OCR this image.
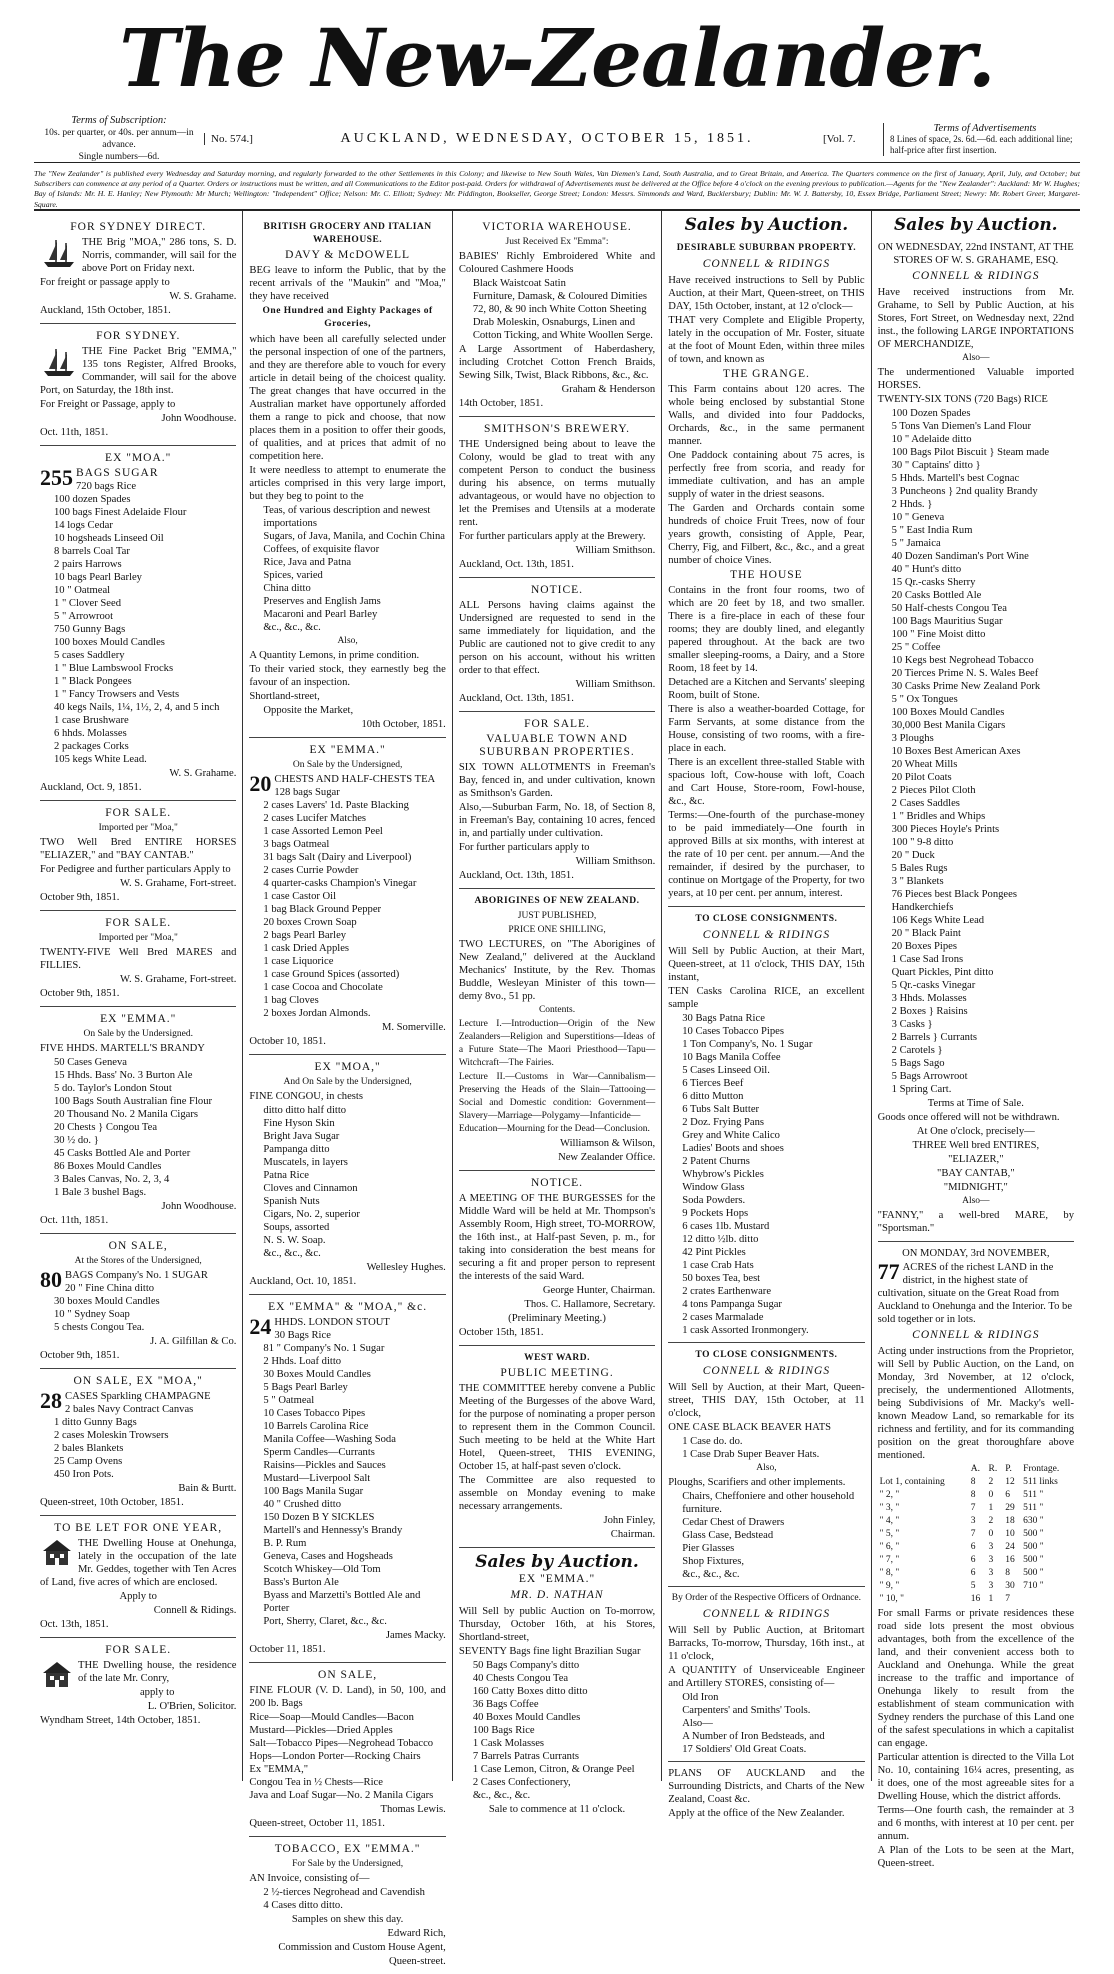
The New-Zealander.
Terms of Subscription:
10s. per quarter, or 40s. per annum—in advance.
Single numbers—6d.
No. 574.]	AUCKLAND, WEDNESDAY, OCTOBER 15, 1851.	[Vol. 7.
Terms of Advertisements
8 Lines of space, 2s. 6d.—6d. each additional line;
half-price after first insertion.
The "New Zealander" is published every Wednesday and Saturday morning, and regularly forwarded to the other Settlements in this Colony; and likewise to New South Wales, Van Diemen's Land, South Australia, and to Great Britain, and America. The Quarters commence on the first of January, April, July, and October; but Subscribers can commence at any period of a Quarter. Orders or instructions must be written, and all Communications to the Editor post-paid. Orders for withdrawal of Advertisements must be delivered at the Office before 4 o'clock on the evening previous to publication.—Agents for the "New Zealander": Auckland: Mr W. Hughes; Bay of Islands: Mr. H. E. Hanley; New Plymouth: Mr Murch; Wellington: "Independent" Office; Nelson: Mr. C. Elliott; Sydney: Mr. Piddington, Bookseller, George Street; London: Messrs. Simmonds and Ward, Bucklersbury; Dublin: Mr. W. J. Battersby, 10, Essex Bridge, Parliament Street; Newry: Mr. Robert Greer, Margaret-Square.
FOR SYDNEY DIRECT.

THE Brig "MOA," 286 tons, S. D. Norris, commander, will sail for the above Port on Friday next.

For freight or passage apply to

W. S. Grahame.

Auckland, 15th October, 1851.

FOR SYDNEY.

THE Fine Packet Brig "EMMA," 135 tons Register, Alfred Brooks, Commander, will sail for the above Port, on Saturday, the 18th inst.

For Freight or Passage, apply to

John Woodhouse.

Oct. 11th, 1851.

EX "MOA."
255 BAGS SUGAR
720 bags Rice
100 dozen Spades
100 bags Finest Adelaide Flour
14 logs Cedar
10 hogsheads Linseed Oil
8 barrels Coal Tar
2 pairs Harrows
10 bags Pearl Barley
10 " Oatmeal
1 " Clover Seed
5 " Arrowroot
750 Gunny Bags
100 boxes Mould Candles
5 cases Saddlery
1 " Blue Lambswool Frocks
1 " Black Pongees
1 " Fancy Trowsers and Vests
40 kegs Nails, 1¼, 1½, 2, 4, and 5 inch
1 case Brushware
6 hhds. Molasses
2 packages Corks
105 kegs White Lead.

W. S. Grahame.

Auckland, Oct. 9, 1851.

FOR SALE.

Imported per "Moa,"

TWO Well Bred ENTIRE HORSES "ELIAZER," and "BAY CANTAB."

For Pedigree and further particulars Apply to

W. S. Grahame, Fort-street.

October 9th, 1851.

FOR SALE.

Imported per "Moa,"

TWENTY-FIVE Well Bred MARES and FILLIES.

W. S. Grahame, Fort-street.

October 9th, 1851.

EX "EMMA."

On Sale by the Undersigned.

FIVE HHDS. MARTELL'S BRANDY

50 Cases Geneva
15 Hhds. Bass' No. 3 Burton Ale
5 do. Taylor's London Stout
100 Bags South Australian fine Flour
20 Thousand No. 2 Manila Cigars
20 Chests } Congou Tea
30 ½ do. }
45 Casks Bottled Ale and Porter
86 Boxes Mould Candles
3 Bales Canvas, No. 2, 3, 4
1 Bale 3 bushel Bags.

John Woodhouse.

Oct. 11th, 1851.

ON SALE,

At the Stores of the Undersigned,

80 BAGS Company's No. 1 SUGAR
20 " Fine China ditto
30 boxes Mould Candles
10 " Sydney Soap
5 chests Congou Tea.

J. A. Gilfillan & Co.

October 9th, 1851.

ON SALE, EX "MOA,"
28 CASES Sparkling CHAMPAGNE
2 bales Navy Contract Canvas
1 ditto Gunny Bags
2 cases Moleskin Trowsers
2 bales Blankets
25 Camp Ovens
450 Iron Pots.

Bain & Burtt.

Queen-street, 10th October, 1851.

TO BE LET FOR ONE YEAR,

THE Dwelling House at Onehunga, lately in the occupation of the late Mr. Geddes, together with Ten Acres of Land, five acres of which are enclosed.

Apply to

Connell & Ridings.

Oct. 13th, 1851.

FOR SALE.

THE Dwelling house, the residence of the late Mr. Conry,

apply to

L. O'Brien, Solicitor.

Wyndham Street, 14th October, 1851.

BRITISH GROCERY AND ITALIAN WAREHOUSE.
DAVY & McDOWELL

BEG leave to inform the Public, that by the recent arrivals of the "Maukin" and "Moa," they have received

One Hundred and Eighty Packages of Groceries,

which have been all carefully selected under the personal inspection of one of the partners, and they are therefore able to vouch for every article in detail being of the choicest quality. The great changes that have occurred in the Australian market have opportunely afforded them a range to pick and choose, that now places them in a position to offer their goods, of qualities, and at prices that admit of no competition here.

It were needless to attempt to enumerate the articles comprised in this very large import, but they beg to point to the

Teas, of various description and newest importations
Sugars, of Java, Manila, and Cochin China
Coffees, of exquisite flavor
Rice, Java and Patna
Spices, varied
China ditto
Preserves and English Jams
Macaroni and Pearl Barley
&c., &c., &c.

Also,

A Quantity Lemons, in prime condition.

To their varied stock, they earnestly beg the favour of an inspection.

Shortland-street,

Opposite the Market,

10th October, 1851.

EX "EMMA."

On Sale by the Undersigned,

20 CHESTS AND HALF-CHESTS TEA
128 bags Sugar
2 cases Lavers' 1d. Paste Blacking
2 cases Lucifer Matches
1 case Assorted Lemon Peel
3 bags Oatmeal
31 bags Salt (Dairy and Liverpool)
2 cases Currie Powder
4 quarter-casks Champion's Vinegar
1 case Castor Oil
1 bag Black Ground Pepper
20 boxes Crown Soap
2 bags Pearl Barley
1 cask Dried Apples
1 case Liquorice
1 case Ground Spices (assorted)
1 case Cocoa and Chocolate
1 bag Cloves
2 boxes Jordan Almonds.

M. Somerville.

October 10, 1851.

EX "MOA,"

And On Sale by the Undersigned,

FINE CONGOU, in chests

ditto ditto half ditto
Fine Hyson Skin
Bright Java Sugar
Pampanga ditto
Muscatels, in layers
Patna Rice
Cloves and Cinnamon
Spanish Nuts
Cigars, No. 2, superior
Soups, assorted
N. S. W. Soap.
&c., &c., &c.

Wellesley Hughes.

Auckland, Oct. 10, 1851.

EX "EMMA" & "MOA," &c.
24 HHDS. LONDON STOUT
30 Bags Rice
81 " Company's No. 1 Sugar
2 Hhds. Loaf ditto
30 Boxes Mould Candles
5 Bags Pearl Barley
5 " Oatmeal
10 Cases Tobacco Pipes
10 Barrels Carolina Rice
Manila Coffee—Washing Soda
Sperm Candles—Currants
Raisins—Pickles and Sauces
Mustard—Liverpool Salt
100 Bags Manila Sugar
40 " Crushed ditto
150 Dozen B Y SICKLES
Martell's and Hennessy's Brandy
B. P. Rum
Geneva, Cases and Hogsheads
Scotch Whiskey—Old Tom
Bass's Burton Ale
Byass and Marzetti's Bottled Ale and Porter
Port, Sherry, Claret, &c., &c.

James Macky.

October 11, 1851.

ON SALE,

FINE FLOUR (V. D. Land), in 50, 100, and 200 lb. Bags

Rice—Soap—Mould Candles—Bacon
Mustard—Pickles—Dried Apples
Salt—Tobacco Pipes—Negrohead Tobacco
Hops—London Porter—Rocking Chairs
Ex "EMMA,"
Congou Tea in ½ Chests—Rice
Java and Loaf Sugar—No. 2 Manila Cigars

Thomas Lewis.

Queen-street, October 11, 1851.

TOBACCO, EX "EMMA."

For Sale by the Undersigned,

AN Invoice, consisting of—

2 ½-tierces Negrohead and Cavendish
4 Cases ditto ditto.

Samples on shew this day.

Edward Rich,

Commission and Custom House Agent,

Queen-street.

VICTORIA WAREHOUSE.

Just Received Ex "Emma":

BABIES' Richly Embroidered White and Coloured Cashmere Hoods

Black Waistcoat Satin
Furniture, Damask, & Coloured Dimities
72, 80, & 90 inch White Cotton Sheeting
Drab Moleskin, Osnaburgs, Linen and Cotton Ticking, and White Woollen Serge.

A Large Assortment of Haberdashery, including Crotchet Cotton French Braids, Sewing Silk, Twist, Black Ribbons, &c., &c.

Graham & Henderson

14th October, 1851.

SMITHSON'S BREWERY.

THE Undersigned being about to leave the Colony, would be glad to treat with any competent Person to conduct the business during his absence, on terms mutually advantageous, or would have no objection to let the Premises and Utensils at a moderate rent.

For further particulars apply at the Brewery.

William Smithson.

Auckland, Oct. 13th, 1851.

NOTICE.

ALL Persons having claims against the Undersigned are requested to send in the same immediately for liquidation, and the Public are cautioned not to give credit to any person on his account, without his written order to that effect.

William Smithson.

Auckland, Oct. 13th, 1851.

FOR SALE.
VALUABLE TOWN AND SUBURBAN PROPERTIES.

SIX TOWN ALLOTMENTS in Freeman's Bay, fenced in, and under cultivation, known as Smithson's Garden.

Also,—Suburban Farm, No. 18, of Section 8, in Freeman's Bay, containing 10 acres, fenced in, and partially under cultivation.

For further particulars apply to

William Smithson.

Auckland, Oct. 13th, 1851.

ABORIGINES OF NEW ZEALAND.

JUST PUBLISHED,

PRICE ONE SHILLING,

TWO LECTURES, on "The Aborigines of New Zealand," delivered at the Auckland Mechanics' Institute, by the Rev. Thomas Buddle, Wesleyan Minister of this town—demy 8vo., 51 pp.

Contents.

Lecture I.—Introduction—Origin of the New Zealanders—Religion and Superstitions—Ideas of a Future State—The Maori Priesthood—Tapu—Witchcraft—The Fairies.

Lecture II.—Customs in War—Cannibalism—Preserving the Heads of the Slain—Tattooing—Social and Domestic condition: Government—Slavery—Marriage—Polygamy—Infanticide—Education—Mourning for the Dead—Conclusion.

Williamson & Wilson,

New Zealander Office.

NOTICE.

A MEETING OF THE BURGESSES for the Middle Ward will be held at Mr. Thompson's Assembly Room, High street, TO-MORROW, the 16th inst., at Half-past Seven, p. m., for taking into consideration the best means for securing a fit and proper person to represent the interests of the said Ward.

George Hunter, Chairman.

Thos. C. Hallamore, Secretary.

(Preliminary Meeting.)

October 15th, 1851.

WEST WARD.
PUBLIC MEETING.

THE COMMITTEE hereby convene a Public Meeting of the Burgesses of the above Ward, for the purpose of nominating a proper person to represent them in the Common Council. Such meeting to be held at the White Hart Hotel, Queen-street, THIS EVENING, October 15, at half-past seven o'clock.

The Committee are also requested to assemble on Monday evening to make necessary arrangements.

John Finley,

Chairman.

Sales by Auction.
EX "EMMA."
MR. D. NATHAN

Will Sell by public Auction on To-morrow, Thursday, October 16th, at his Stores, Shortland-street,

SEVENTY Bags fine light Brazilian Sugar

50 Bags Company's ditto
40 Chests Congou Tea
160 Catty Boxes ditto ditto
36 Bags Coffee
40 Boxes Mould Candles
100 Bags Rice
1 Cask Molasses
7 Barrels Patras Currants
1 Case Lemon, Citron, & Orange Peel
2 Cases Confectionery,
&c., &c., &c.

Sale to commence at 11 o'clock.

Sales by Auction.
DESIRABLE SUBURBAN PROPERTY.
CONNELL & RIDINGS

Have received instructions to Sell by Public Auction, at their Mart, Queen-street, on THIS DAY, 15th October, instant, at 12 o'clock—

THAT very Complete and Eligible Property, lately in the occupation of Mr. Foster, situate at the foot of Mount Eden, within three miles of town, and known as

THE GRANGE.

This Farm contains about 120 acres. The whole being enclosed by substantial Stone Walls, and divided into four Paddocks, Orchards, &c., in the same permanent manner.

One Paddock containing about 75 acres, is perfectly free from scoria, and ready for immediate cultivation, and has an ample supply of water in the driest seasons.

The Garden and Orchards contain some hundreds of choice Fruit Trees, now of four years growth, consisting of Apple, Pear, Cherry, Fig, and Filbert, &c., &c., and a great number of choice Vines.

THE HOUSE

Contains in the front four rooms, two of which are 20 feet by 18, and two smaller. There is a fire-place in each of these four rooms; they are doubly lined, and elegantly papered throughout. At the back are two smaller sleeping-rooms, a Dairy, and a Store Room, 18 feet by 14.

Detached are a Kitchen and Servants' sleeping Room, built of Stone.

There is also a weather-boarded Cottage, for Farm Servants, at some distance from the House, consisting of two rooms, with a fire-place in each.

There is an excellent three-stalled Stable with spacious loft, Cow-house with loft, Coach and Cart House, Store-room, Fowl-house, &c., &c.

Terms:—One-fourth of the purchase-money to be paid immediately—One fourth in approved Bills at six months, with interest at the rate of 10 per cent. per annum.—And the remainder, if desired by the purchaser, to continue on Mortgage of the Property, for two years, at 10 per cent. per annum, interest.

TO CLOSE CONSIGNMENTS.
CONNELL & RIDINGS

Will Sell by Public Auction, at their Mart, Queen-street, at 11 o'clock, THIS DAY, 15th instant,

TEN Casks Carolina RICE, an excellent sample

30 Bags Patna Rice
10 Cases Tobacco Pipes
1 Ton Company's, No. 1 Sugar
10 Bags Manila Coffee
5 Cases Linseed Oil.
6 Tierces Beef
6 ditto Mutton
6 Tubs Salt Butter
2 Doz. Frying Pans
Grey and White Calico
Ladies' Boots and shoes
2 Patent Churns
Whybrow's Pickles
Window Glass
Soda Powders.
9 Pockets Hops
6 cases 1lb. Mustard
12 ditto ½lb. ditto
42 Pint Pickles
1 case Crab Hats
50 boxes Tea, best
2 crates Earthenware
4 tons Pampanga Sugar
2 cases Marmalade
1 cask Assorted Ironmongery.
TO CLOSE CONSIGNMENTS.
CONNELL & RIDINGS

Will Sell by Auction, at their Mart, Queen-street, THIS DAY, 15th October, at 11 o'clock,

ONE CASE BLACK BEAVER HATS

1 Case do. do.
1 Case Drab Super Beaver Hats.

Also,

Ploughs, Scarifiers and other implements.

Chairs, Cheffoniere and other household furniture.
Cedar Chest of Drawers
Glass Case, Bedstead
Pier Glasses
Shop Fixtures,
&c., &c., &c.

By Order of the Respective Officers of Ordnance.

CONNELL & RIDINGS

Will Sell by Public Auction, at Britomart Barracks, To-morrow, Thursday, 16th inst., at 11 o'clock,

A QUANTITY of Unserviceable Engineer and Artillery STORES, consisting of—

Old Iron
Carpenters' and Smiths' Tools.
Also—
A Number of Iron Bedsteads, and
17 Soldiers' Old Great Coats.

PLANS OF AUCKLAND and the Surrounding Districts, and Charts of the New Zealand, Coast &c.

Apply at the office of the New Zealander.

Sales by Auction.

ON WEDNESDAY, 22nd INSTANT, AT THE STORES OF W. S. GRAHAME, ESQ.

CONNELL & RIDINGS

Have received instructions from Mr. Grahame, to Sell by Public Auction, at his Stores, Fort Street, on Wednesday next, 22nd inst., the following LARGE INPORTATIONS OF MERCHANDIZE,

Also—

The undermentioned Valuable imported HORSES.

TWENTY-SIX TONS (720 Bags) RICE

100 Dozen Spades
5 Tons Van Diemen's Land Flour
10 " Adelaide ditto
100 Bags Pilot Biscuit } Steam made
30 " Captains' ditto }
5 Hhds. Martell's best Cognac
3 Puncheons } 2nd quality Brandy
2 Hhds. }
10 " Geneva
5 " East India Rum
5 " Jamaica
40 Dozen Sandiman's Port Wine
40 " Hunt's ditto
15 Qr.-casks Sherry
20 Casks Bottled Ale
50 Half-chests Congou Tea
100 Bags Mauritius Sugar
100 " Fine Moist ditto
25 " Coffee
10 Kegs best Negrohead Tobacco
20 Tierces Prime N. S. Wales Beef
30 Casks Prime New Zealand Pork
5 " Ox Tongues
100 Boxes Mould Candles
30,000 Best Manila Cigars
3 Ploughs
10 Boxes Best American Axes
20 Wheat Mills
20 Pilot Coats
2 Pieces Pilot Cloth
2 Cases Saddles
1 " Bridles and Whips
300 Pieces Hoyle's Prints
100 " 9-8 ditto
20 " Duck
5 Bales Rugs
3 " Blankets
76 Pieces best Black Pongees Handkerchiefs
106 Kegs White Lead
20 " Black Paint
20 Boxes Pipes
1 Case Sad Irons
Quart Pickles, Pint ditto
5 Qr.-casks Vinegar
3 Hhds. Molasses
2 Boxes } Raisins
3 Casks }
2 Barrels } Currants
2 Carotels }
5 Bags Sago
5 Bags Arrowroot
1 Spring Cart.

Terms at Time of Sale.

Goods once offered will not be withdrawn.

At One o'clock, precisely—

THREE Well bred ENTIRES,

"ELIAZER,"

"BAY CANTAB,"

"MIDNIGHT,"

Also—

"FANNY," a well-bred MARE, by "Sportsman."

ON MONDAY, 3rd NOVEMBER,

77 ACRES of the richest LAND in the district, in the highest state of cultivation, situate on the Great Road from Auckland to Onehunga and the Interior. To be sold together or in lots.
CONNELL & RIDINGS

Acting under instructions from the Proprietor, will Sell by Public Auction, on the Land, on Monday, 3rd November, at 12 o'clock, precisely, the undermentioned Allotments, being Subdivisions of Mr. Macky's well-known Meadow Land, so remarkable for its richness and fertility, and for its commanding position on the great thoroughfare above mentioned.

	A.	R.	P.	Frontage.
Lot 1, containing	8	2	12	511 links
" 2, "	8	0	6	511 "
" 3, "	7	1	29	511 "
" 4, "	3	2	18	630 "
" 5, "	7	0	10	500 "
" 6, "	6	3	24	500 "
" 7, "	6	3	16	500 "
" 8, "	6	3	8	500 "
" 9, "	5	3	30	710 "
" 10, "	16	1	7	

For small Farms or private residences these road side lots present the most obvious advantages, both from the excellence of the land, and their convenient access both to Auckland and Onehunga. While the great increase to the traffic and importance of Onehunga likely to result from the establishment of steam communication with Sydney renders the purchase of this Land one of the safest speculations in which a capitalist can engage.

Particular attention is directed to the Villa Lot No. 10, containing 16¼ acres, presenting, as it does, one of the most agreeable sites for a Dwelling House, which the district affords.

Terms—One fourth cash, the remainder at 3 and 6 months, with interest at 10 per cent. per annum.

A Plan of the Lots to be seen at the Mart, Queen-street.
